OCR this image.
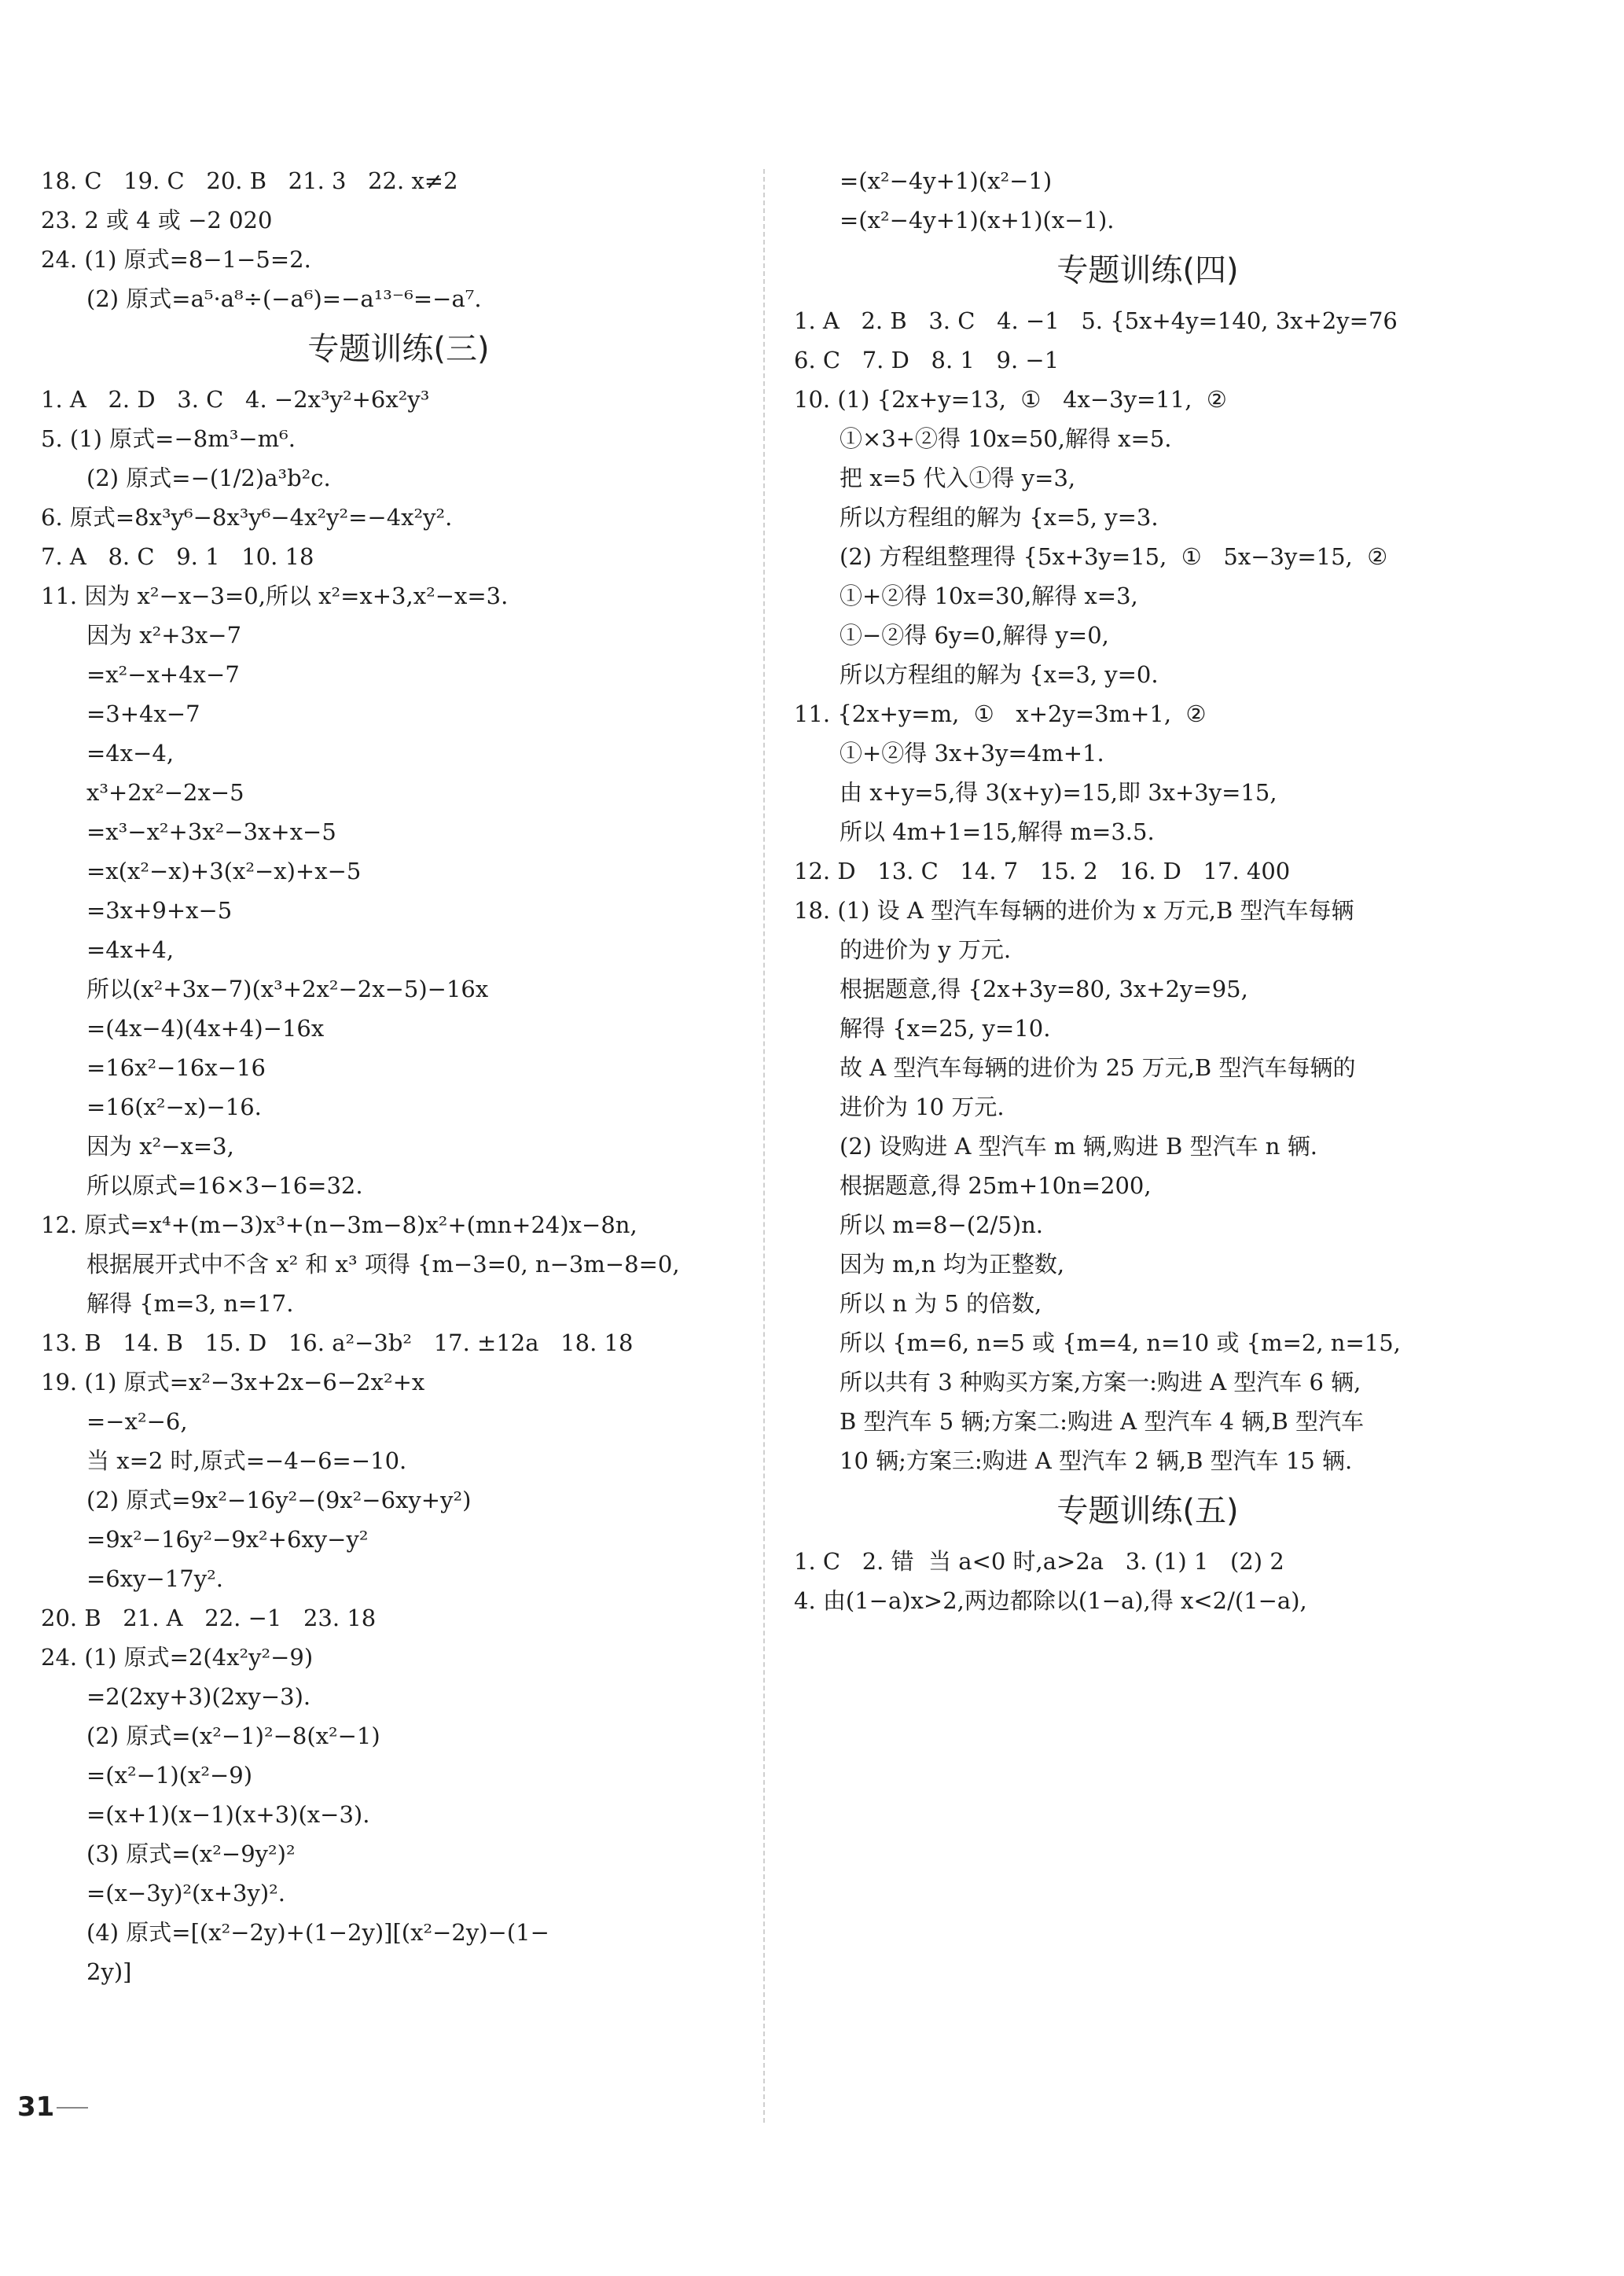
18. C   19. C   20. B   21. 3   22. x≠2
23. 2 或 4 或 −2 020
24. (1) 原式=8−1−5=2.
(2) 原式=a⁵·a⁸÷(−a⁶)=−a¹³⁻⁶=−a⁷.
专题训练(三)
1. A   2. D   3. C   4. −2x³y²+6x²y³
5. (1) 原式=−8m³−m⁶.
(2) 原式=−(1/2)a³b²c.
6. 原式=8x³y⁶−8x³y⁶−4x²y²=−4x²y².
7. A   8. C   9. 1   10. 18
11. 因为 x²−x−3=0,所以 x²=x+3,x²−x=3.
因为 x²+3x−7
=x²−x+4x−7
=3+4x−7
=4x−4,
x³+2x²−2x−5
=x³−x²+3x²−3x+x−5
=x(x²−x)+3(x²−x)+x−5
=3x+9+x−5
=4x+4,
所以(x²+3x−7)(x³+2x²−2x−5)−16x
=(4x−4)(4x+4)−16x
=16x²−16x−16
=16(x²−x)−16.
因为 x²−x=3,
所以原式=16×3−16=32.
12. 原式=x⁴+(m−3)x³+(n−3m−8)x²+(mn+24)x−8n,
根据展开式中不含 x² 和 x³ 项得 {m−3=0, n−3m−8=0,
解得 {m=3, n=17.
13. B   14. B   15. D   16. a²−3b²   17. ±12a   18. 18
19. (1) 原式=x²−3x+2x−6−2x²+x
=−x²−6,
当 x=2 时,原式=−4−6=−10.
(2) 原式=9x²−16y²−(9x²−6xy+y²)
=9x²−16y²−9x²+6xy−y²
=6xy−17y².
20. B   21. A   22. −1   23. 18
24. (1) 原式=2(4x²y²−9)
=2(2xy+3)(2xy−3).
(2) 原式=(x²−1)²−8(x²−1)
=(x²−1)(x²−9)
=(x+1)(x−1)(x+3)(x−3).
(3) 原式=(x²−9y²)²
=(x−3y)²(x+3y)².
(4) 原式=[(x²−2y)+(1−2y)][(x²−2y)−(1−
2y)]
=(x²−4y+1)(x²−1)
=(x²−4y+1)(x+1)(x−1).
专题训练(四)
1. A   2. B   3. C   4. −1   5. {5x+4y=140, 3x+2y=76
6. C   7. D   8. 1   9. −1
10. (1) {2x+y=13,  ①   4x−3y=11,  ②
①×3+②得 10x=50,解得 x=5.
把 x=5 代入①得 y=3,
所以方程组的解为 {x=5, y=3.
(2) 方程组整理得 {5x+3y=15,  ①   5x−3y=15,  ②
①+②得 10x=30,解得 x=3,
①−②得 6y=0,解得 y=0,
所以方程组的解为 {x=3, y=0.
11. {2x+y=m,  ①   x+2y=3m+1,  ②
①+②得 3x+3y=4m+1.
由 x+y=5,得 3(x+y)=15,即 3x+3y=15,
所以 4m+1=15,解得 m=3.5.
12. D   13. C   14. 7   15. 2   16. D   17. 400
18. (1) 设 A 型汽车每辆的进价为 x 万元,B 型汽车每辆
的进价为 y 万元.
根据题意,得 {2x+3y=80, 3x+2y=95,
解得 {x=25, y=10.
故 A 型汽车每辆的进价为 25 万元,B 型汽车每辆的
进价为 10 万元.
(2) 设购进 A 型汽车 m 辆,购进 B 型汽车 n 辆.
根据题意,得 25m+10n=200,
所以 m=8−(2/5)n.
因为 m,n 均为正整数,
所以 n 为 5 的倍数,
所以 {m=6, n=5 或 {m=4, n=10 或 {m=2, n=15,
所以共有 3 种购买方案,方案一:购进 A 型汽车 6 辆,
B 型汽车 5 辆;方案二:购进 A 型汽车 4 辆,B 型汽车
10 辆;方案三:购进 A 型汽车 2 辆,B 型汽车 15 辆.
专题训练(五)
1. C   2. 错  当 a<0 时,a>2a   3. (1) 1   (2) 2
4. 由(1−a)x>2,两边都除以(1−a),得 x<2/(1−a),
31
